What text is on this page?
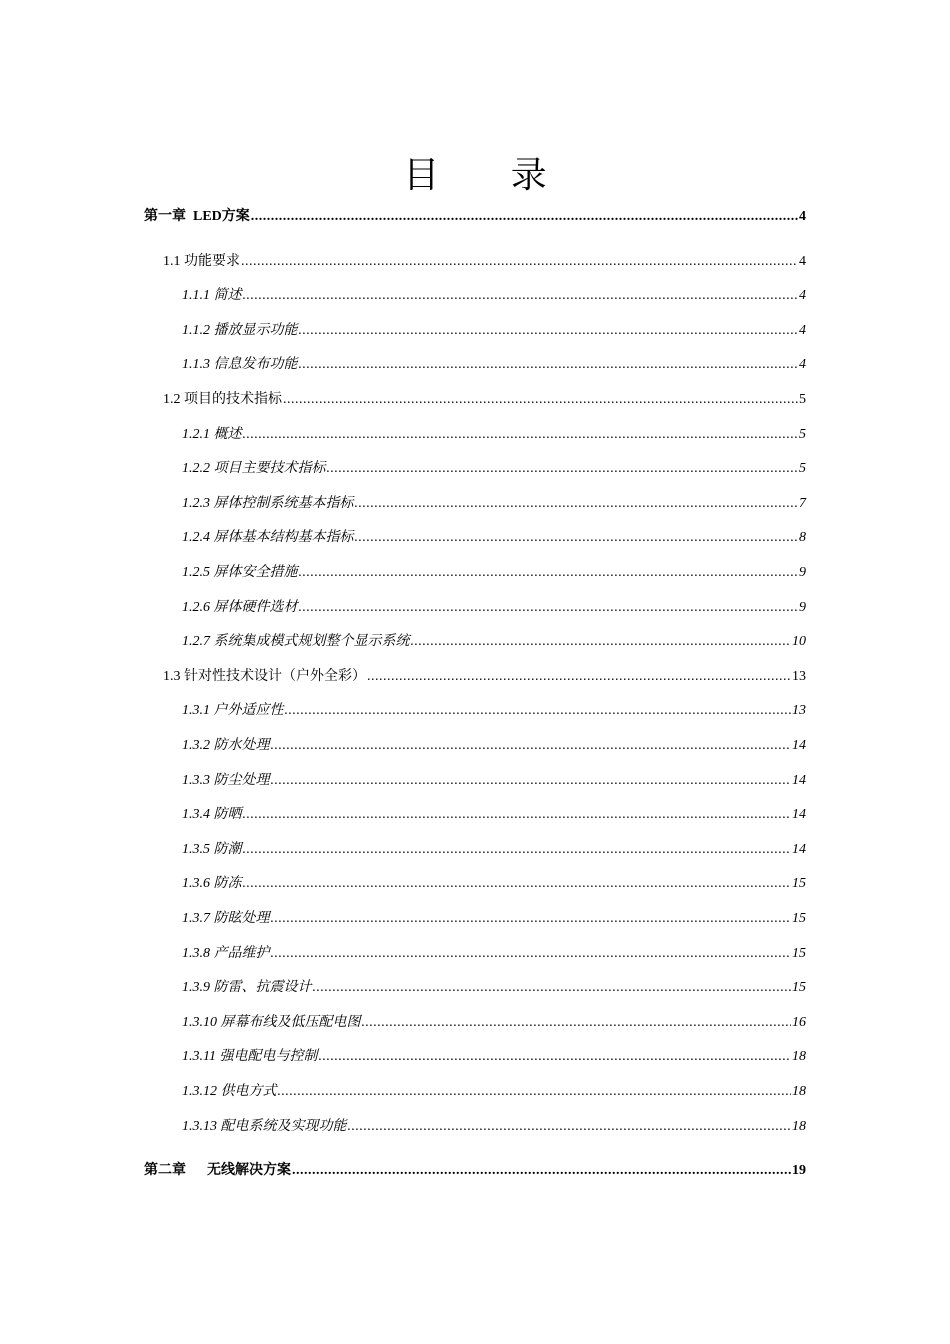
目 录
第一章  LED方案 .....	4
1.1 功能要求 .....	4
1.1.1 简述 .....	4
1.1.2 播放显示功能 .....	4
1.1.3 信息发布功能 .....	4
1.2 项目的技术指标 .....	5
1.2.1 概述 .....	5
1.2.2 项目主要技术指标 .....	5
1.2.3 屏体控制系统基本指标 .....	7
1.2.4 屏体基本结构基本指标 .....	8
1.2.5 屏体安全措施 .....	9
1.2.6 屏体硬件选材 .....	9
1.2.7 系统集成模式规划整个显示系统 .....	10
1.3 针对性技术设计（户外全彩） .....	13
1.3.1 户外适应性 .....	13
1.3.2 防水处理 .....	14
1.3.3 防尘处理 .....	14
1.3.4 防晒 .....	14
1.3.5 防潮 .....	14
1.3.6 防冻 .....	15
1.3.7 防眩处理 .....	15
1.3.8 产品维护 .....	15
1.3.9 防雷、抗震设计 .....	15
1.3.10 屏幕布线及低压配电图 .....	16
1.3.11 强电配电与控制 .....	18
1.3.12 供电方式 .....	18
1.3.13 配电系统及实现功能 .....	18
第二章      无线解决方案 .....	19
